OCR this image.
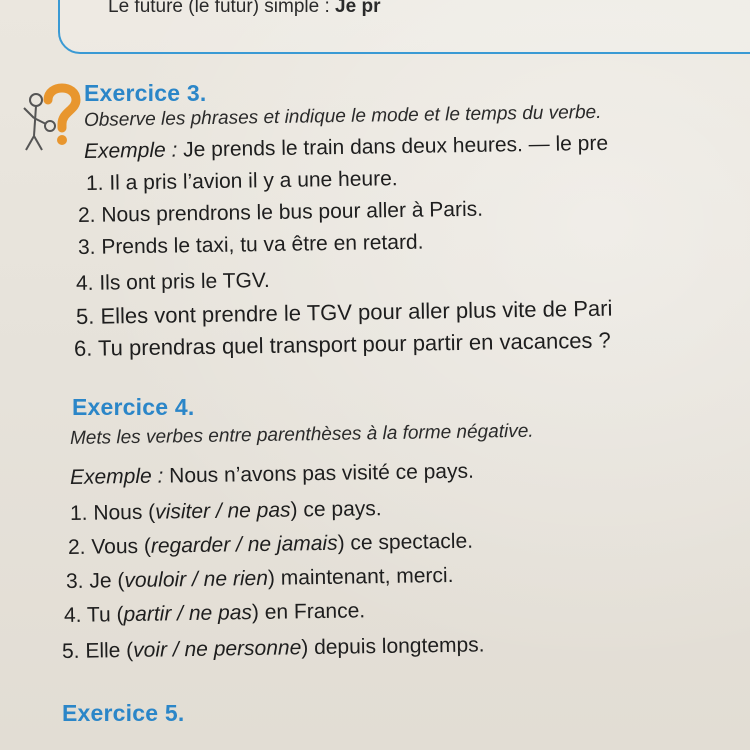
Le future (le futur) simple : Je pr
Exercice 3.
Observe les phrases et indique le mode et le temps du verbe.
Exemple : Je prends le train dans deux heures. — le pre
1. Il a pris l’avion il y a une heure.
2. Nous prendrons le bus pour aller à Paris.
3. Prends le taxi, tu va être en retard.
4. Ils ont pris le TGV.
5. Elles vont prendre le TGV pour aller plus vite de Pari
6. Tu prendras quel transport pour partir en vacances ?
Exercice 4.
Mets les verbes entre parenthèses à la forme négative.
Exemple : Nous n’avons pas visité ce pays.
1. Nous (visiter / ne pas) ce pays.
2. Vous (regarder / ne jamais) ce spectacle.
3. Je (vouloir / ne rien) maintenant, merci.
4. Tu (partir / ne pas) en France.
5. Elle (voir / ne personne) depuis longtemps.
Exercice 5.
